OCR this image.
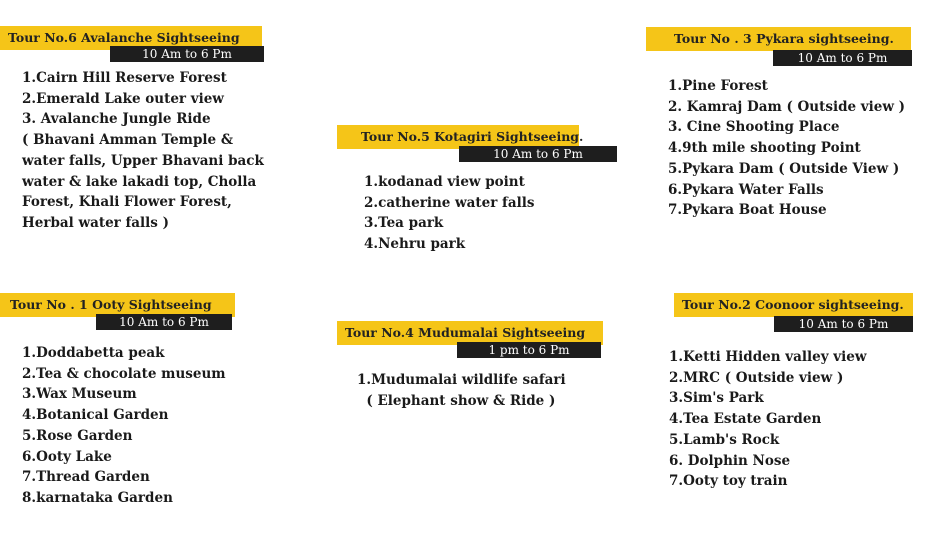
Tour No.6 Avalanche Sightseeing
10 Am to 6 Pm
1.Cairn Hill Reserve Forest
2.Emerald Lake outer view
3. Avalanche Jungle Ride
( Bhavani Amman Temple &
water falls, Upper Bhavani back
water & lake lakadi top, Cholla
Forest, Khali Flower Forest,
Herbal water falls )
Tour No.5 Kotagiri Sightseeing.
10 Am to 6 Pm
1.kodanad view point
2.catherine water falls
3.Tea park
4.Nehru park
Tour No . 3 Pykara sightseeing.
10 Am to 6 Pm
1.Pine Forest
2. Kamraj Dam ( Outside view )
3. Cine Shooting Place
4.9th mile shooting Point
5.Pykara Dam ( Outside View )
6.Pykara Water Falls
7.Pykara Boat House
Tour No . 1 Ooty Sightseeing
10 Am to 6 Pm
1.Doddabetta peak
2.Tea & chocolate museum
3.Wax Museum
4.Botanical Garden
5.Rose Garden
6.Ooty Lake
7.Thread Garden
8.karnataka Garden
Tour No.4 Mudumalai Sightseeing
1 pm to 6 Pm
1.Mudumalai wildlife safari
( Elephant show & Ride )
Tour No.2 Coonoor sightseeing.
10 Am to 6 Pm
1.Ketti Hidden valley view
2.MRC ( Outside view )
3.Sim's Park
4.Tea Estate Garden
5.Lamb's Rock
6. Dolphin Nose
7.Ooty toy train
